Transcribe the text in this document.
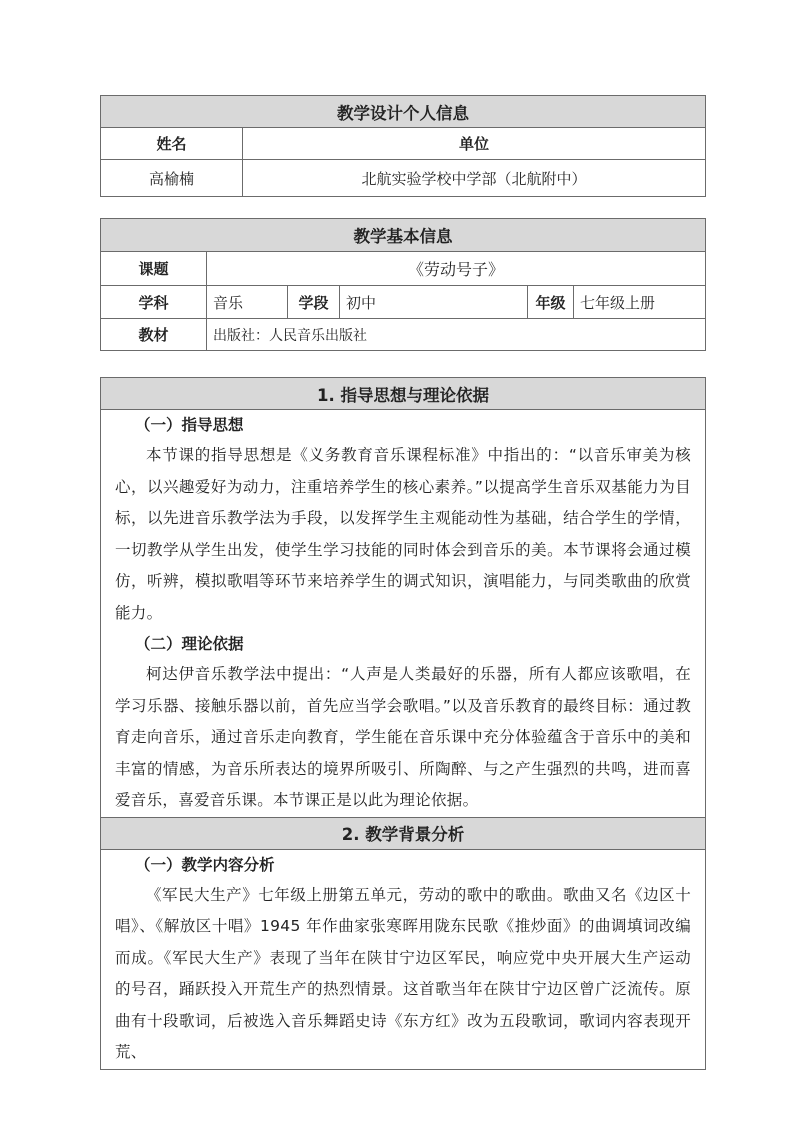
教学设计个人信息	
姓名	单位
高榆楠	北航实验学校中学部（北航附中）
教学基本信息					
课题	《劳动号子》				
学科	音乐	学段	初中	年级	七年级上册
教材	出版社：人民音乐出版社				
1. 指导思想与理论依据

（一）指导思想
本节课的指导思想是《义务教育音乐课程标准》中指出的：“以音乐审美为核心，以兴趣爱好为动力，注重培养学生的核心素养。”以提高学生音乐双基能力为目标，以先进音乐教学法为手段，以发挥学生主观能动性为基础，结合学生的学情，一切教学从学生出发，使学生学习技能的同时体会到音乐的美。本节课将会通过模仿，听辨，模拟歌唱等环节来培养学生的调式知识，演唱能力，与同类歌曲的欣赏能力。
（二）理论依据
柯达伊音乐教学法中提出：“人声是人类最好的乐器，所有人都应该歌唱，在学习乐器、接触乐器以前，首先应当学会歌唱。”以及音乐教育的最终目标：通过教育走向音乐，通过音乐走向教育，学生能在音乐课中充分体验蕴含于音乐中的美和丰富的情感，为音乐所表达的境界所吸引、所陶醉、与之产生强烈的共鸣，进而喜爱音乐，喜爱音乐课。本节课正是以此为理论依据。

2. 教学背景分析

（一）教学内容分析
《军民大生产》七年级上册第五单元，劳动的歌中的歌曲。歌曲又名《边区十唱》、《解放区十唱》1945 年作曲家张寒晖用陇东民歌《推炒面》的曲调填词改编而成。《军民大生产》表现了当年在陕甘宁边区军民，响应党中央开展大生产运动的号召，踊跃投入开荒生产的热烈情景。这首歌当年在陕甘宁边区曾广泛流传。原曲有十段歌词，后被选入音乐舞蹈史诗《东方红》改为五段歌词，歌词内容表现开荒、
